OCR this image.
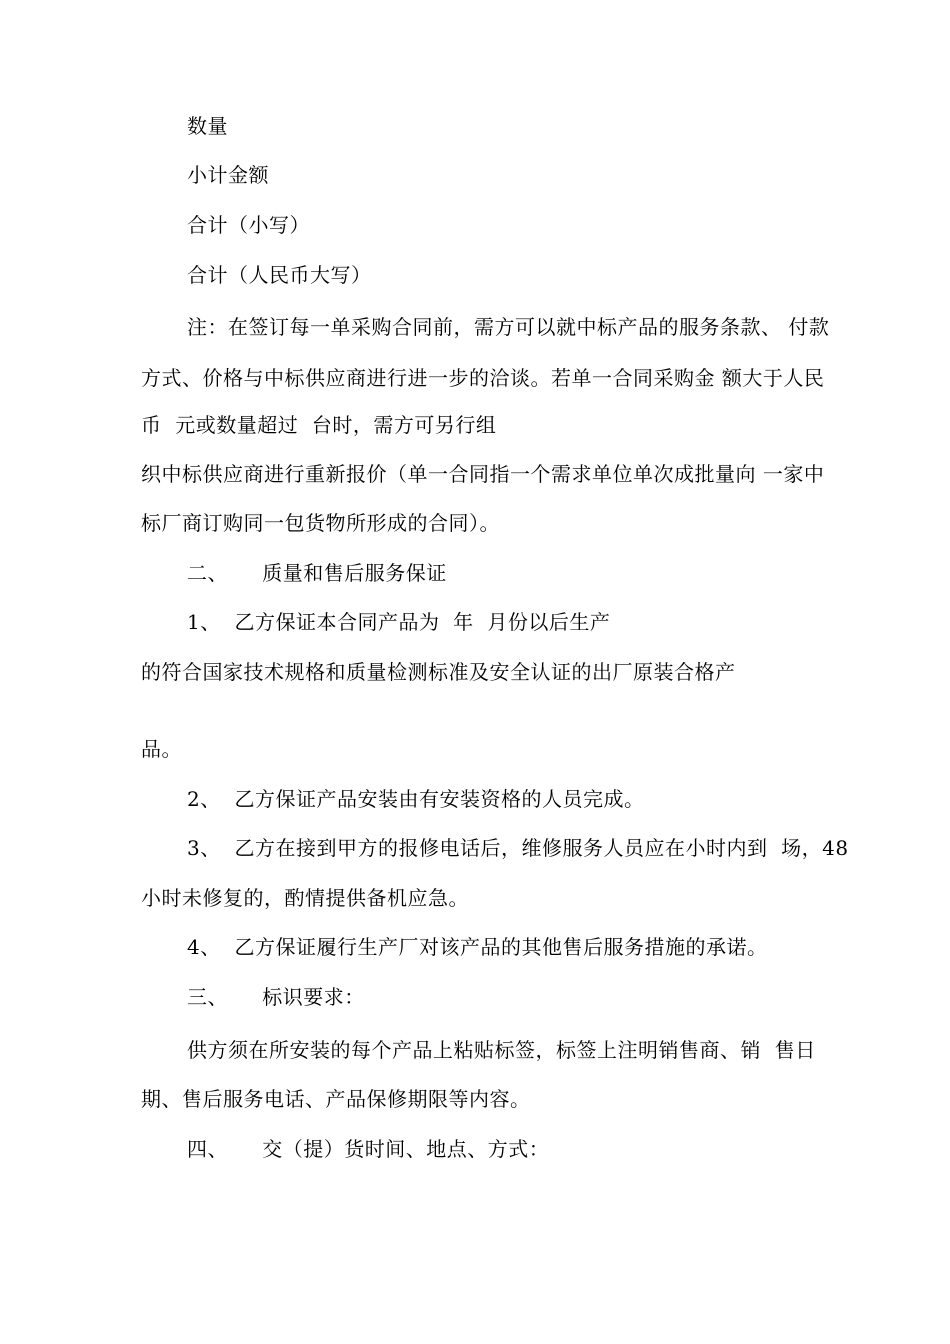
数量
小计金额
合计（小写）
合计（人民币大写）
注：在签订每一单采购合同前，需方可以就中标产品的服务条款、 付款
方式、价格与中标供应商进行进一步的洽谈。若单一合同采购金 额大于人民
币  元或数量超过  台时，需方可另行组
织中标供应商进行重新报价（单一合同指一个需求单位单次成批量向 一家中
标厂商订购同一包货物所形成的合同）。
二、     质量和售后服务保证
1、  乙方保证本合同产品为  年  月份以后生产
的符合国家技术规格和质量检测标准及安全认证的出厂原装合格产
品。
2、  乙方保证产品安装由有安装资格的人员完成。
3、  乙方在接到甲方的报修电话后，维修服务人员应在小时内到  场，48
小时未修复的，酌情提供备机应急。
4、  乙方保证履行生产厂对该产品的其他售后服务措施的承诺。
三、     标识要求：
供方须在所安装的每个产品上粘贴标签，标签上注明销售商、销  售日
期、售后服务电话、产品保修期限等内容。
四、     交（提）货时间、地点、方式：
